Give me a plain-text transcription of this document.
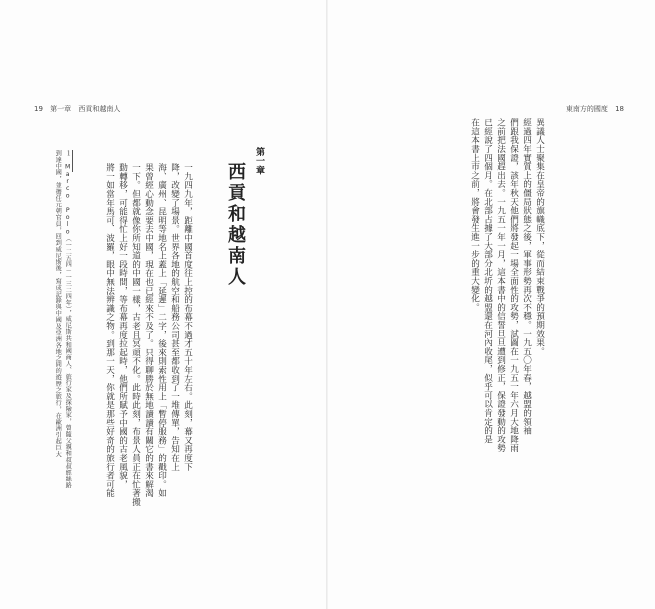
19 第一章 西貢和越南人	東南方的國度 18
異議人士聚集在皇帝的旗幟底下，從而結束戰爭的預期效果。
經過四年實質上的僵局狀態之後，軍事形勢再次不穩。一九五〇年春，越盟的領袖
們跟我保證，該年秋天他們將發起一場全面性的攻勢，試圖在一九五一年六月大地降雨
之前把法國趕出去。一九五一年一月，這本書中的信誓旦旦遭到修正，保證發動的攻勢
已經說了四個月。在北部占據了大部分北圻的越盟還在河內收尾，似乎可以肯定的是
在這本書上市之前，將會發生進一步的重大變化。
第一章
西貢和越南人
一九四九年，距離中國首度往上控的布幕不過才五十年左右。此刻，幕又再度下
降，改變了場景。世界各地的航空和船務公司甚至都收到了一堆傳單，告知在上
海、廣州、昆明等地名上蓋上「延遲」二字，後來則索性用上「暫停服務」的戳印。如
果曾經心動念要去中國，現在也已經來不及了。只得聊勝於無地讀讀有關它的書來解渴
一下。但都就像你所知道的中國一樣，古老且冥頑不化。此時此刻，布景人員正在忙著搬
動轉移，可能得忙上好一段時間，等布幕再度拉起時，他們所賦予中國的古老風貌，
將一如當年馬可．波羅，眼中無法辨識之物。到那一天，你就是那些好奇的旅行者可能
１ Marco Polo（一二五四－一三二四年），威尼斯共和國商人、旅行家及探險家，曾隨父親和叔叔經絲路
到達中國，並擔任元朝官員，回到威尼斯後，寫成記錄與中國及亞洲各地之間的遊歷之旅行，在歐洲引起巨大
